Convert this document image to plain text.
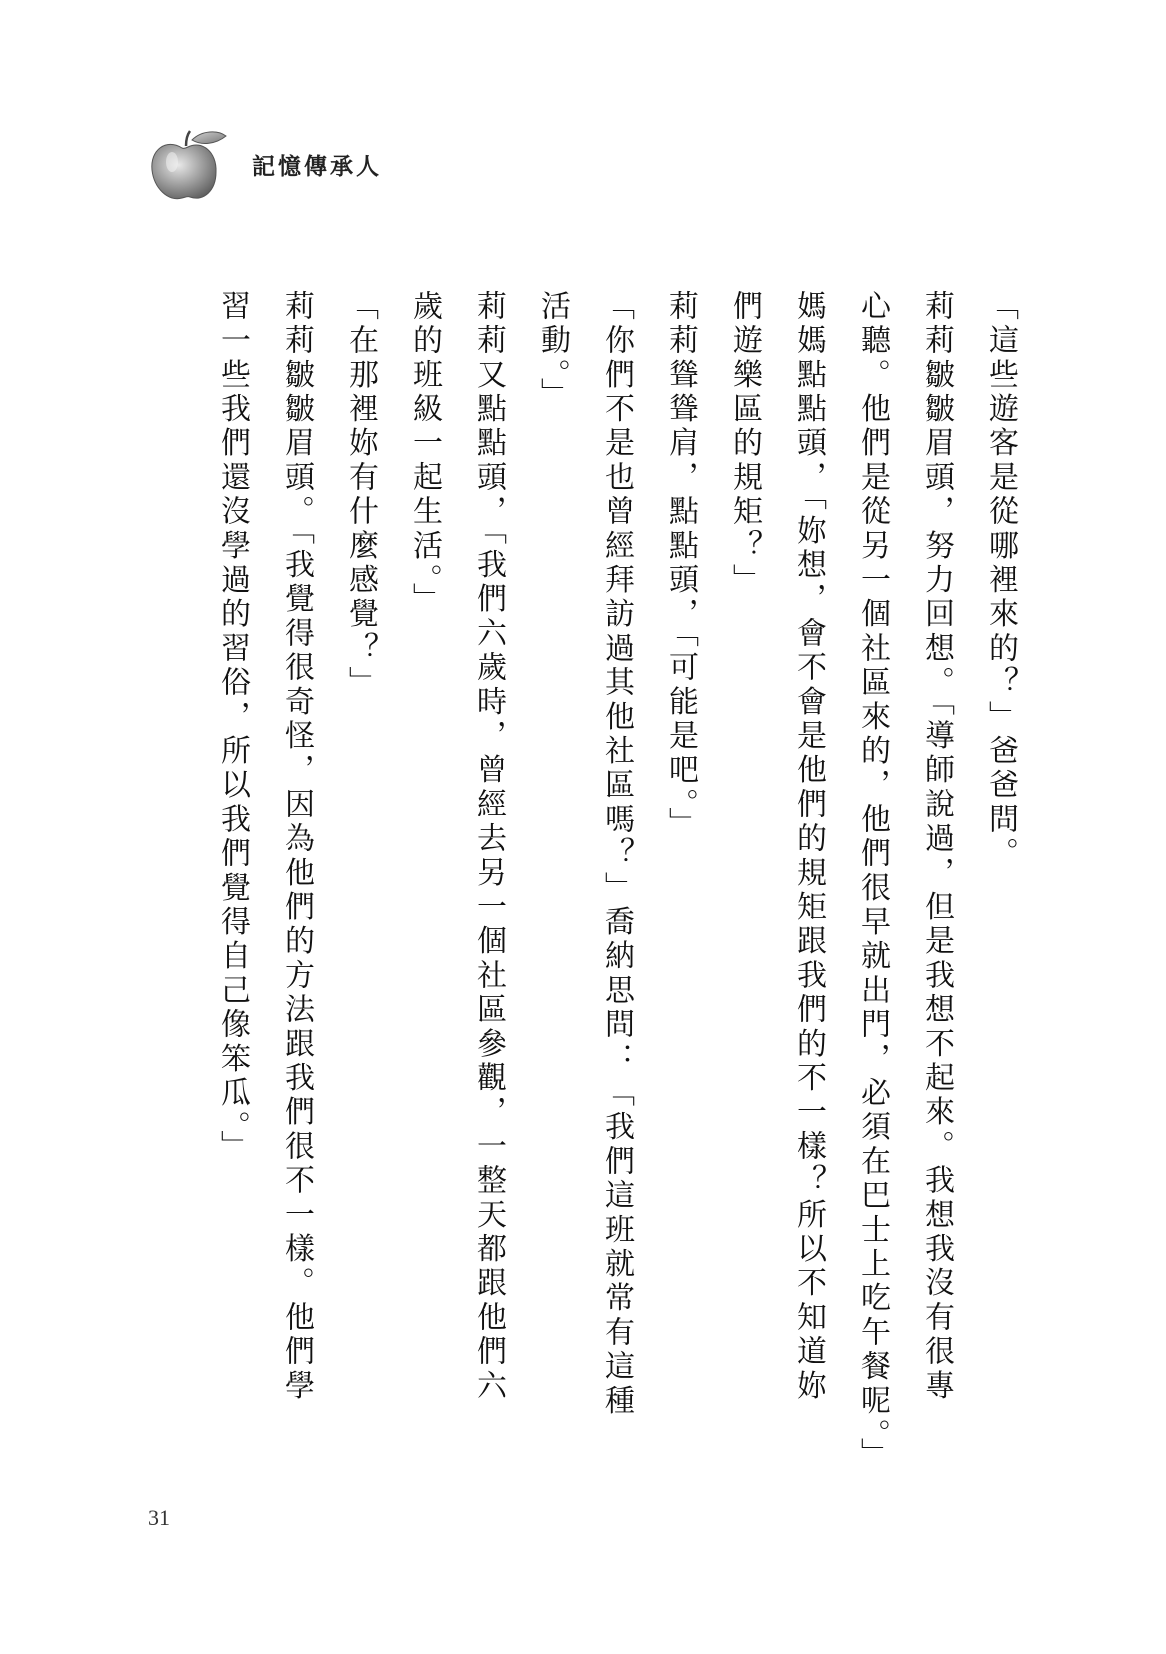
記憶傳承人
「這些遊客是從哪裡來的？」爸爸問。
莉莉皺皺眉頭，努力回想。「導師說過，但是我想不起來。我想我沒有很專
心聽。他們是從另一個社區來的，他們很早就出門，必須在巴士上吃午餐呢。」
媽媽點點頭，「妳想，會不會是他們的規矩跟我們的不一樣？所以不知道妳
們遊樂區的規矩？」
莉莉聳聳肩，點點頭，「可能是吧。」
「你們不是也曾經拜訪過其他社區嗎？」喬納思問：「我們這班就常有這種
活動。」
莉莉又點點頭，「我們六歲時，曾經去另一個社區參觀，一整天都跟他們六
歲的班級一起生活。」
「在那裡妳有什麼感覺？」
莉莉皺皺眉頭。「我覺得很奇怪，因為他們的方法跟我們很不一樣。他們學
習一些我們還沒學過的習俗，所以我們覺得自己像笨瓜。」
31
